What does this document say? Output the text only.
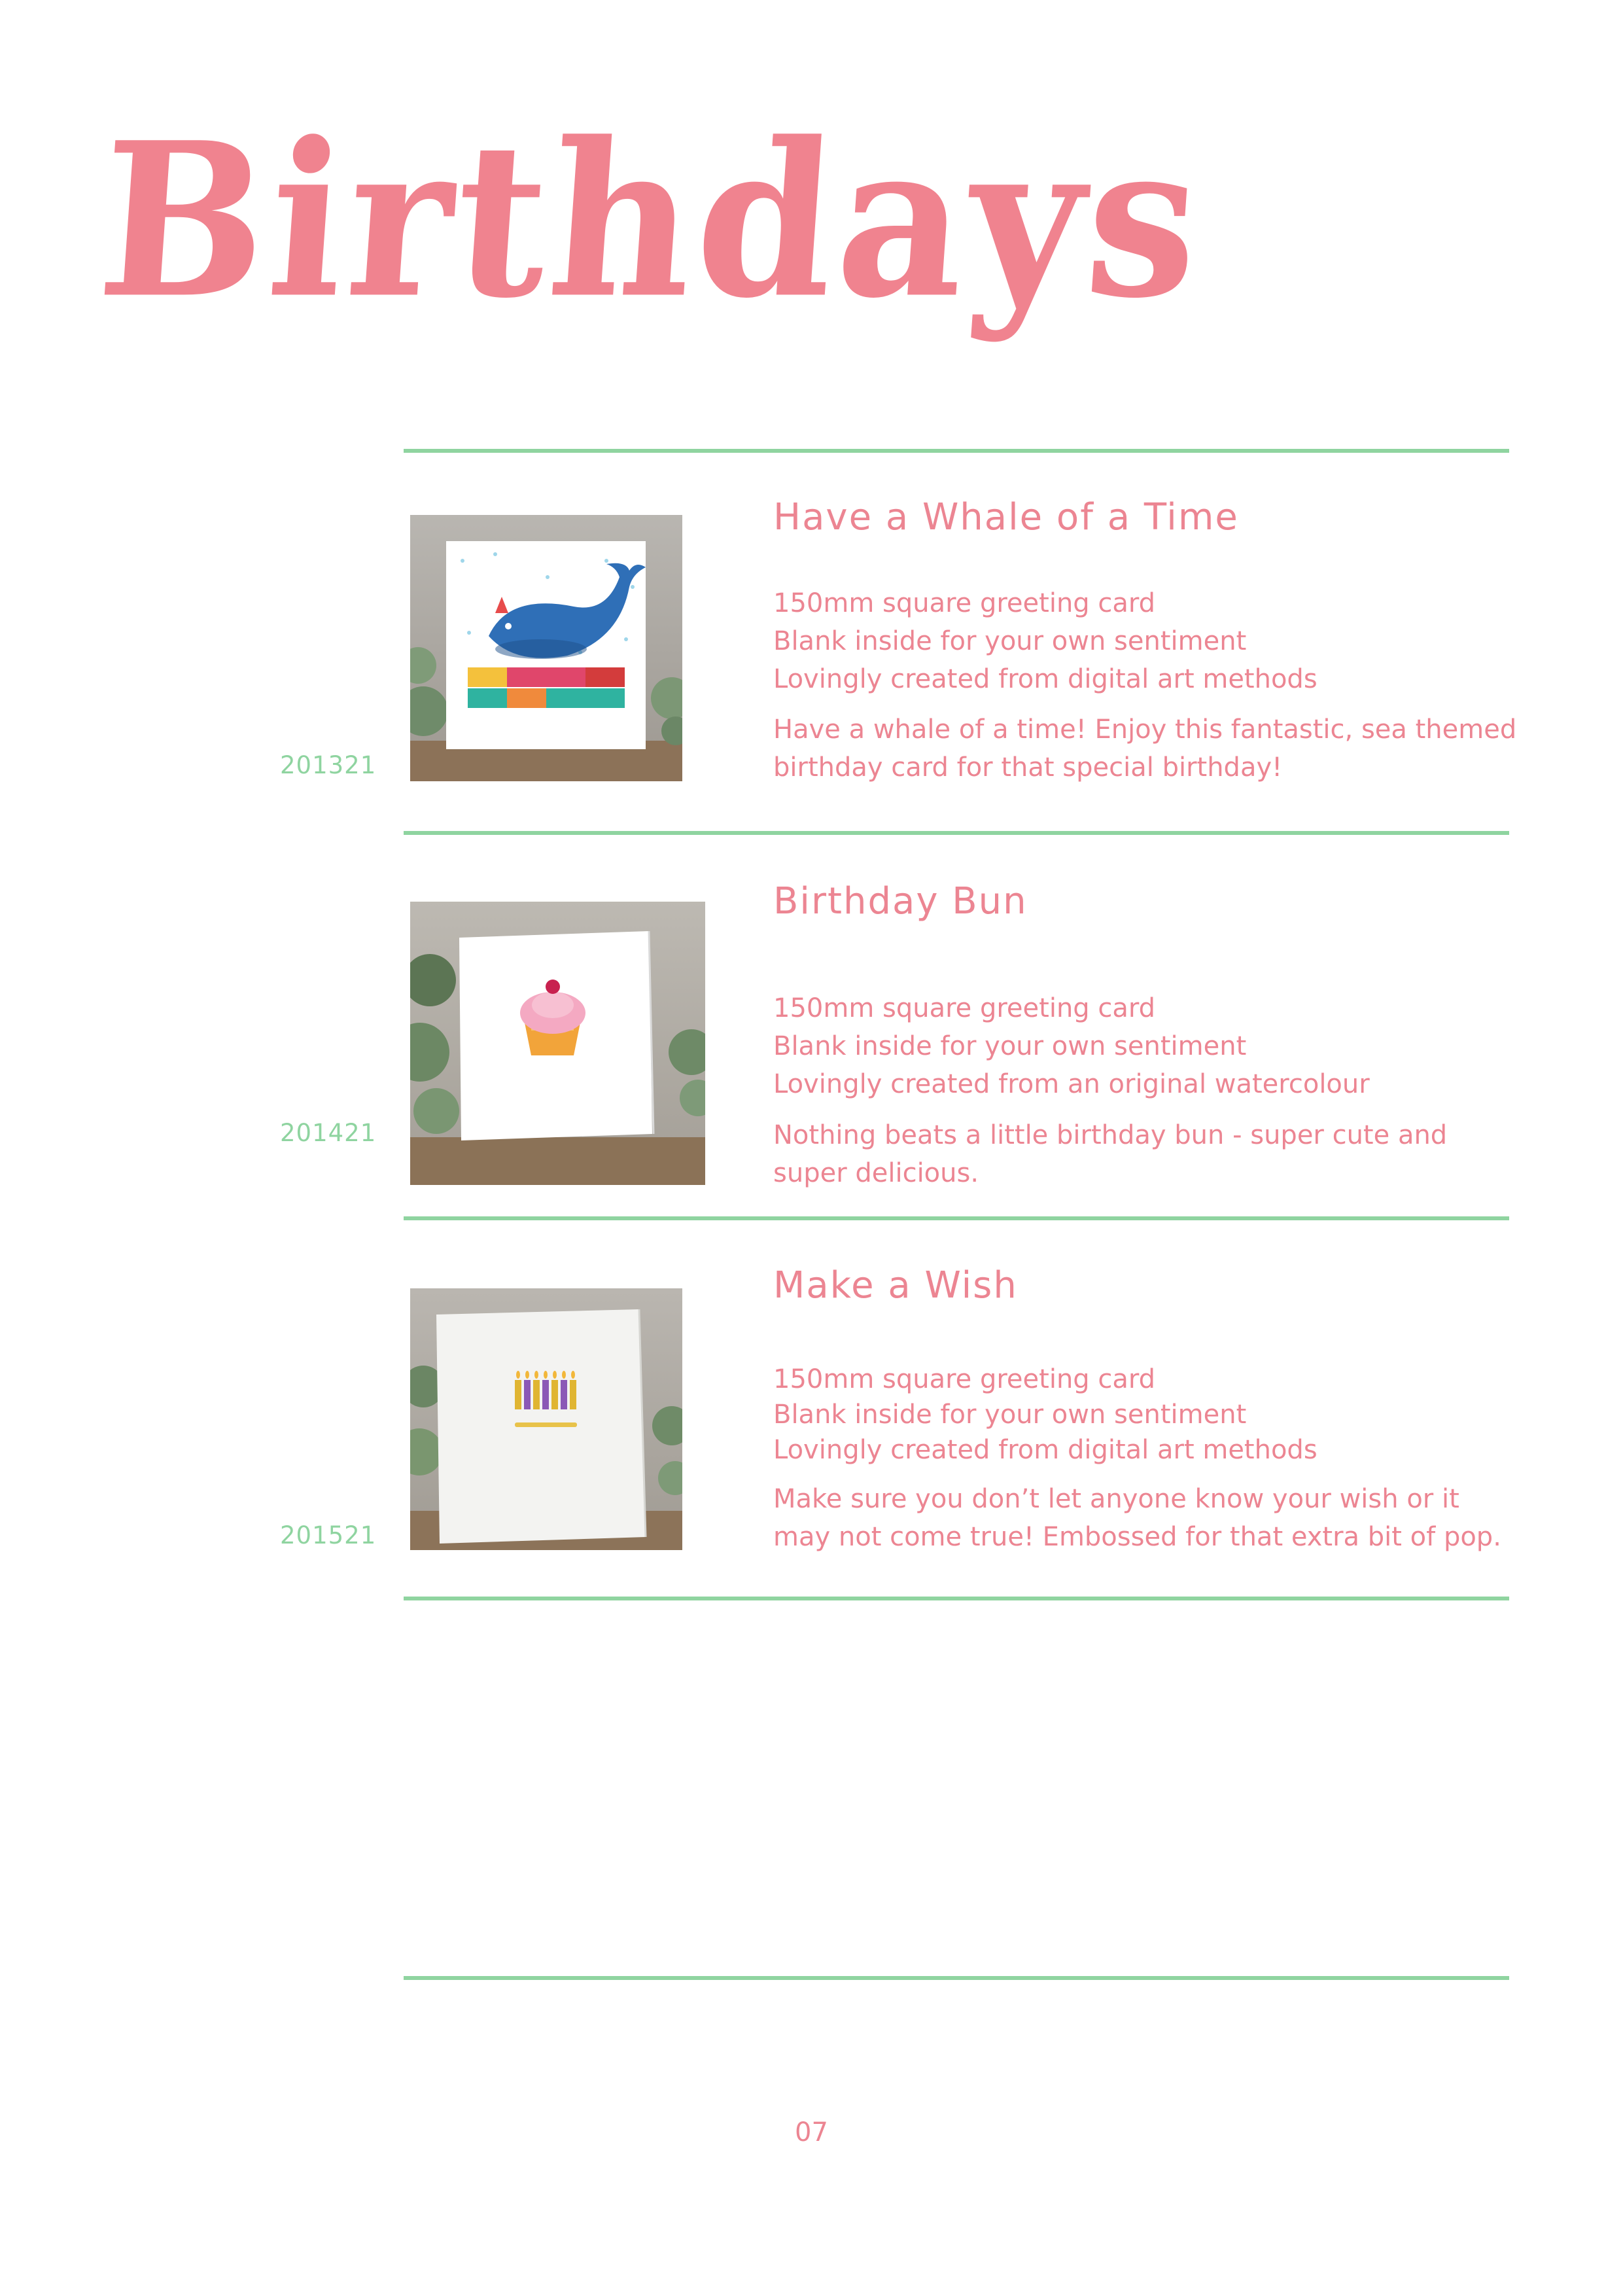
Birthdays
201321
Have a Whale of a Time
150mm square greeting card
Blank inside for your own sentiment
Lovingly created from digital art methods
Have a whale of a time! Enjoy this fantastic, sea themed birthday card for that special birthday!
201421
Birthday Bun
150mm square greeting card
Blank inside for your own sentiment
Lovingly created from an original watercolour
Nothing beats a little birthday bun - super cute and super delicious.
201521
Make a Wish
150mm square greeting card
Blank inside for your own sentiment
Lovingly created from digital art methods
Make sure you don’t let anyone know your wish or it may not come true! Embossed for that extra bit of pop.
07
